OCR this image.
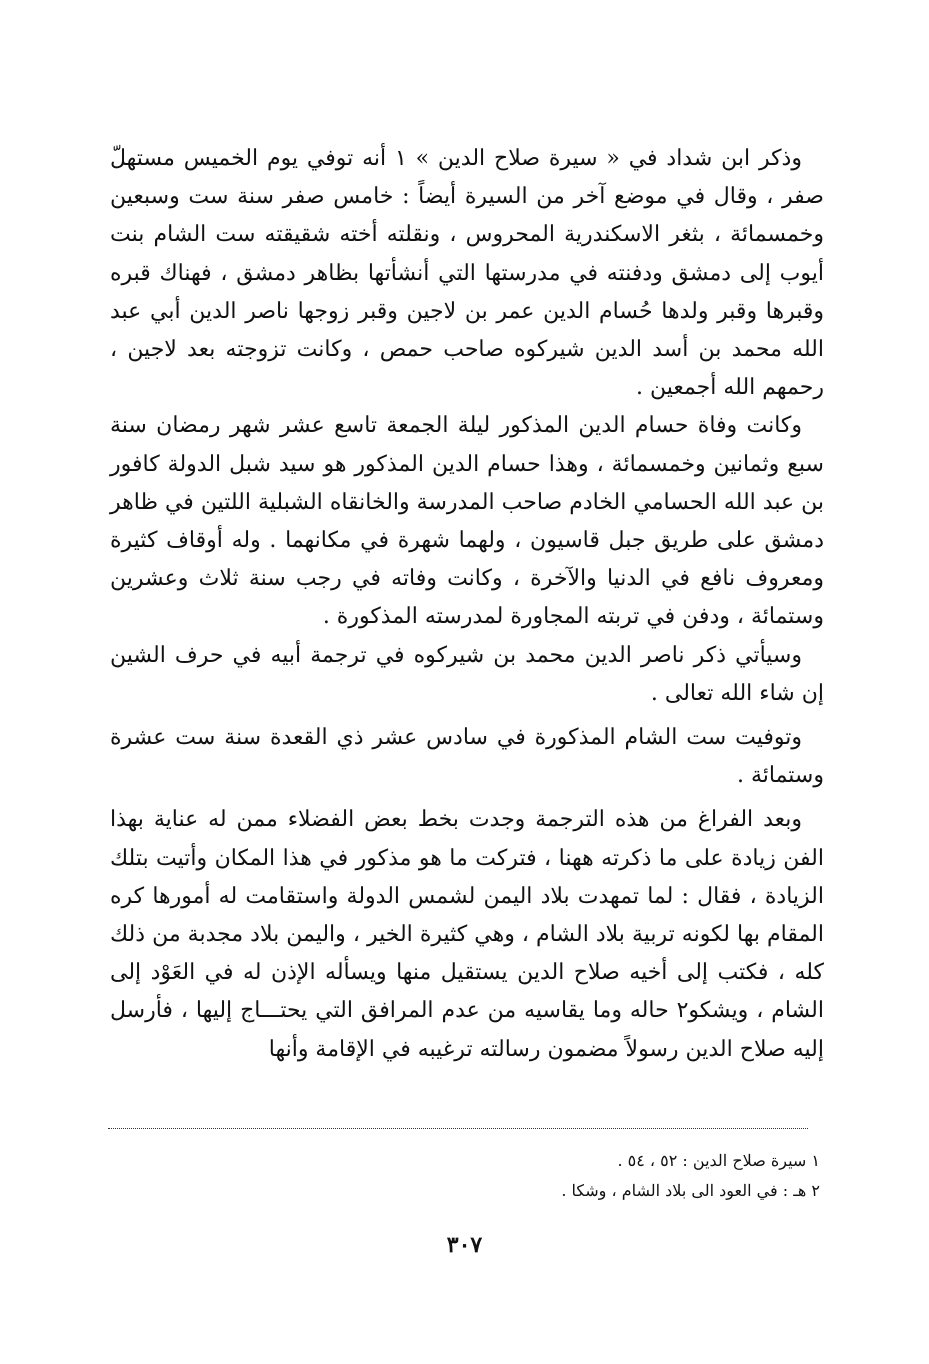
وذكر ابن شداد في « سيرة صلاح الدين » ١ أنه توفي يوم الخميس مستهلّ صفر ، وقال في موضع آخر من السيرة أيضاً : خامس صفر سنة ست وسبعين وخمسمائة ، بثغر الاسكندرية المحروس ، ونقلته أخته شقيقته ست الشام بنت أيوب إلى دمشق ودفنته في مدرستها التي أنشأتها بظاهر دمشق ، فهناك قبره وقبرها وقبر ولدها حُسام الدين عمر بن لاجين وقبر زوجها ناصر الدين أبي عبد الله محمد بن أسد الدين شيركوه صاحب حمص ، وكانت تزوجته بعد لاجين ، رحمهم الله أجمعين .

وكانت وفاة حسام الدين المذكور ليلة الجمعة تاسع عشر شهر رمضان سنة سبع وثمانين وخمسمائة ، وهذا حسام الدين المذكور هو سيد شبل الدولة كافور بن عبد الله الحسامي الخادم صاحب المدرسة والخانقاه الشبلية اللتين في ظاهر دمشق على طريق جبل قاسيون ، ولهما شهرة في مكانهما . وله أوقاف كثيرة ومعروف نافع في الدنيا والآخرة ، وكانت وفاته في رجب سنة ثلاث وعشرين وستمائة ، ودفن في تربته المجاورة لمدرسته المذكورة .

وسيأتي ذكر ناصر الدين محمد بن شيركوه في ترجمة أبيه في حرف الشين إن شاء الله تعالى .

وتوفيت ست الشام المذكورة في سادس عشر ذي القعدة سنة ست عشرة وستمائة .

وبعد الفراغ من هذه الترجمة وجدت بخط بعض الفضلاء ممن له عناية بهذا الفن زيادة على ما ذكرته ههنا ، فتركت ما هو مذكور في هذا المكان وأتيت بتلك الزيادة ، فقال : لما تمهدت بلاد اليمن لشمس الدولة واستقامت له أمورها كره المقام بها لكونه تربية بلاد الشام ، وهي كثيرة الخير ، واليمن بلاد مجدبة من ذلك كله ، فكتب إلى أخيه صلاح الدين يستقيل منها ويسأله الإذن له في العَوْد إلى الشام ، ويشكو٢ حاله وما يقاسيه من عدم المرافق التي يحتـــاج إليها ، فأرسل إليه صلاح الدين رسولاً مضمون رسالته ترغيبه في الإقامة وأنها

١ سيرة صلاح الدين : ٥٢ ، ٥٤ .
٢ هـ : في العود الى بلاد الشام ، وشكا .
٣٠٧
